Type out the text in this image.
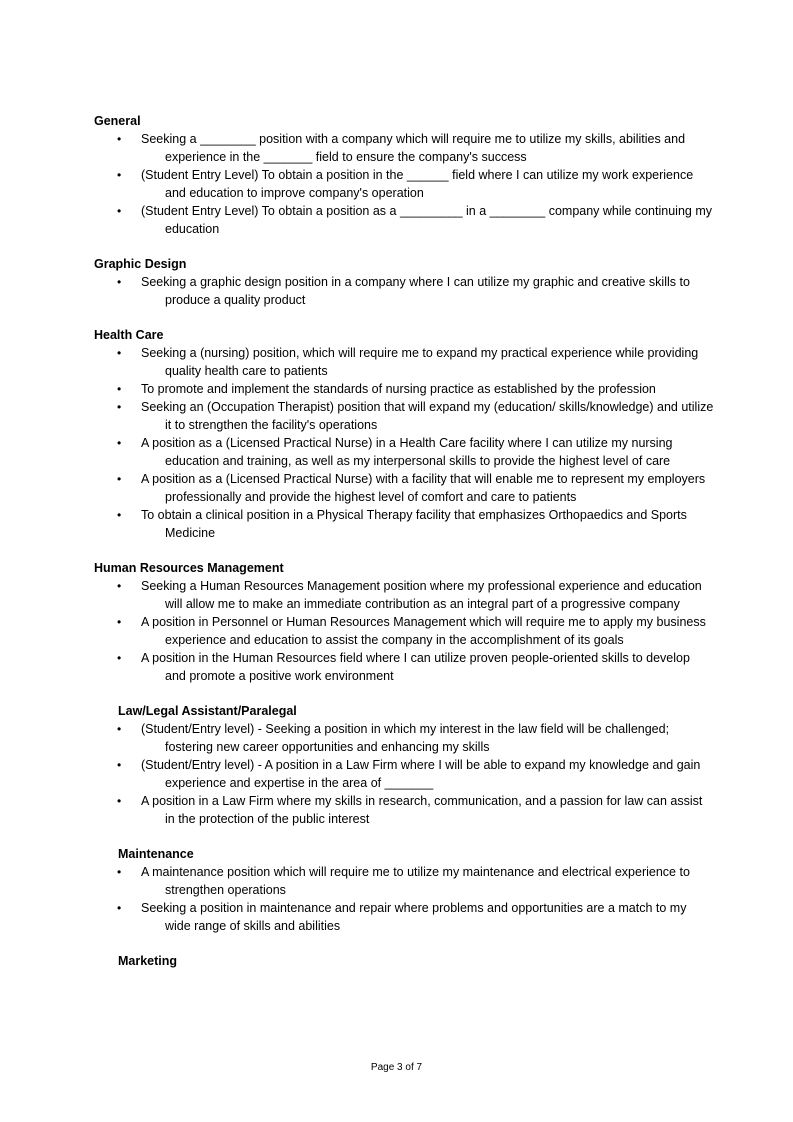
General
• Seeking a ________ position with a company which will require me to utilize my skills, abilities and experience in the _______ field to ensure the company's success
• (Student Entry Level) To obtain a position in the ______ field where I can utilize my work experience and education to improve company's operation
• (Student Entry Level) To obtain a position as a _________ in a ________ company while continuing my education
Graphic Design
• Seeking a graphic design position in a company where I can utilize my graphic and creative skills to produce a quality product
Health Care
• Seeking a (nursing) position, which will require me to expand my practical experience while providing quality health care to patients
• To promote and implement the standards of nursing practice as established by the profession
• Seeking an (Occupation Therapist) position that will expand my (education/ skills/knowledge) and utilize it to strengthen the facility's operations
• A position as a (Licensed Practical Nurse) in a Health Care facility where I can utilize my nursing education and training, as well as my interpersonal skills to provide the highest level of care
• A position as a (Licensed Practical Nurse) with a facility that will enable me to represent my employers professionally and provide the highest level of comfort and care to patients
• To obtain a clinical position in a Physical Therapy facility that emphasizes Orthopaedics and Sports Medicine
Human Resources Management
• Seeking a Human Resources Management position where my professional experience and education will allow me to make an immediate contribution as an integral part of a progressive company
• A position in Personnel or Human Resources Management which will require me to apply my business experience and education to assist the company in the accomplishment of its goals
• A position in the Human Resources field where I can utilize proven people-oriented skills to develop and promote a positive work environment
Law/Legal Assistant/Paralegal
• (Student/Entry level) - Seeking a position in which my interest in the law field will be challenged; fostering new career opportunities and enhancing my skills
• (Student/Entry level) - A position in a Law Firm where I will be able to expand my knowledge and gain experience and expertise in the area of _______
• A position in a Law Firm where my skills in research, communication, and a passion for law can assist in the protection of the public interest
Maintenance
• A maintenance position which will require me to utilize my maintenance and electrical experience to strengthen operations
• Seeking a position in maintenance and repair where problems and opportunities are a match to my wide range of skills and abilities
Marketing
Page 3 of 7
